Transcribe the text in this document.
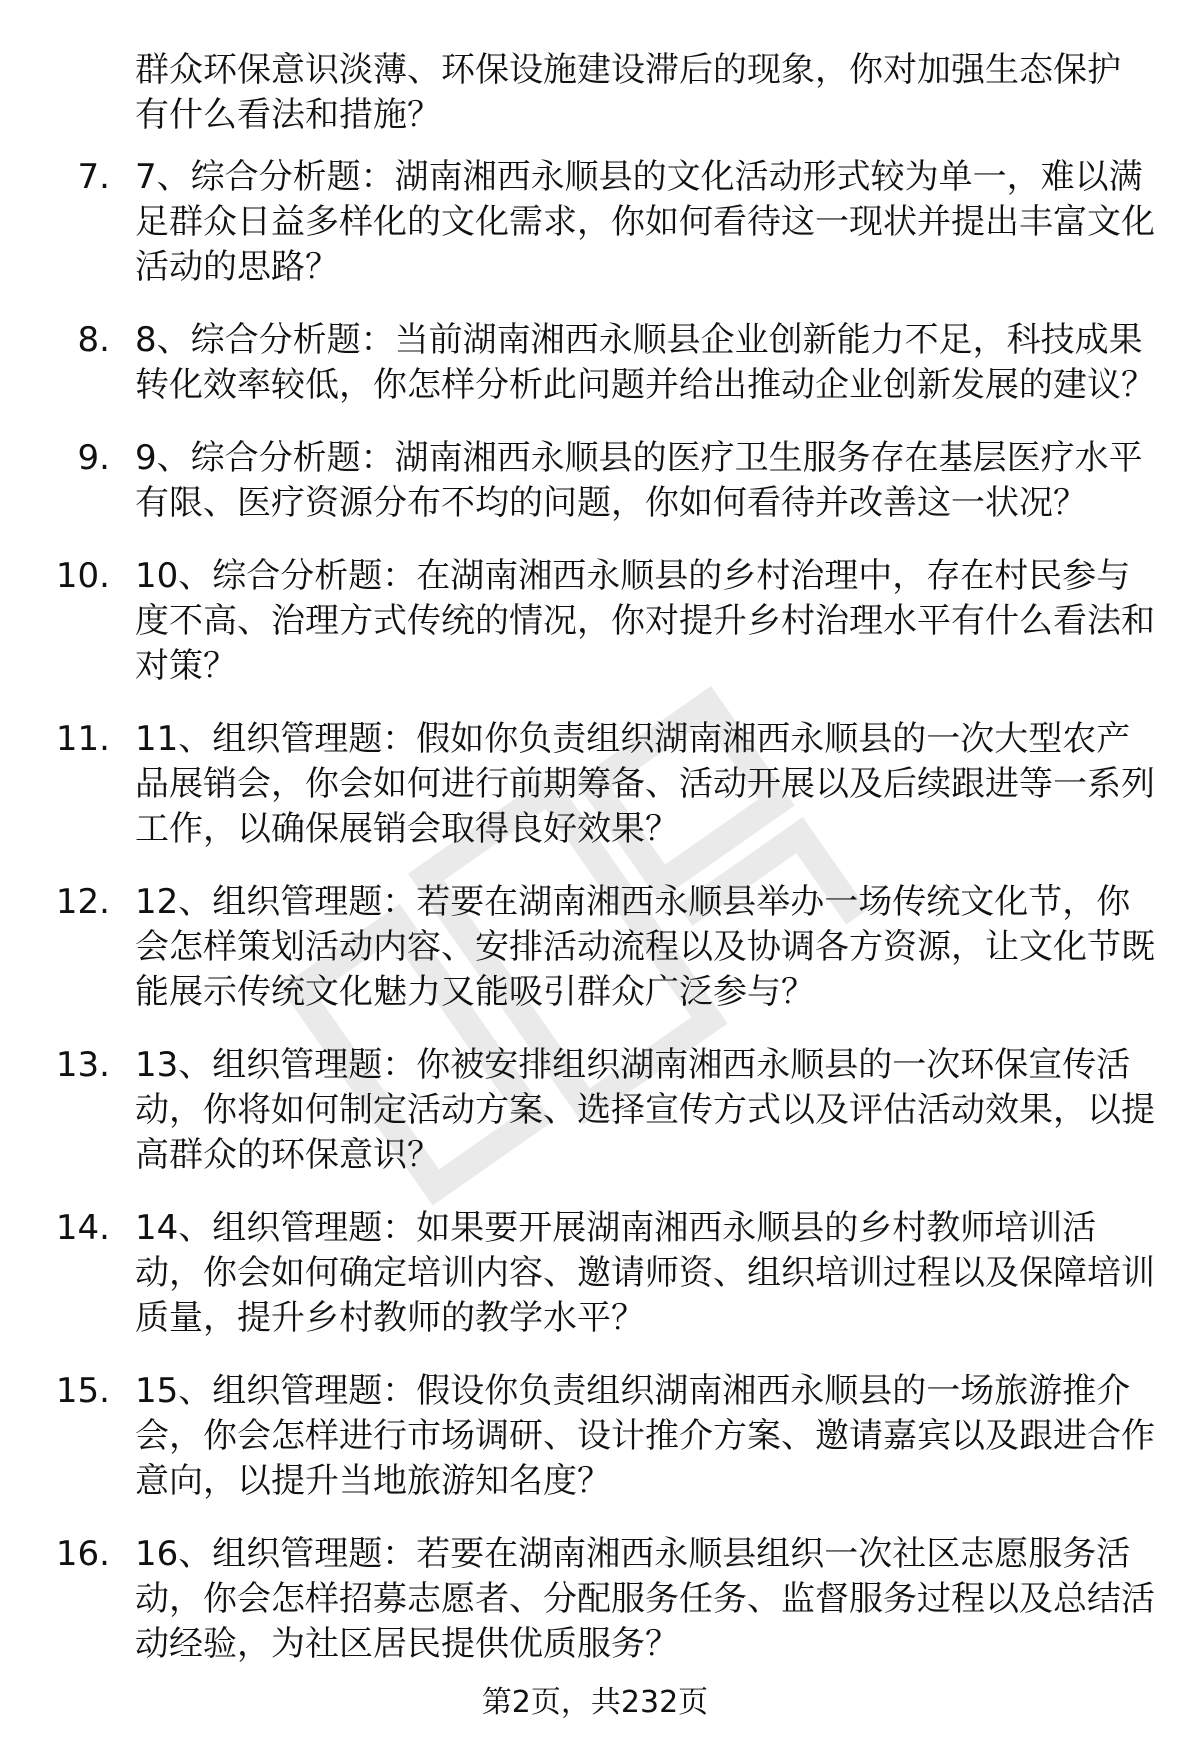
群众环保意识淡薄、环保设施建设滞后的现象，你对加强生态保护有什么看法和措施？

7. 7、综合分析题：湖南湘西永顺县的文化活动形式较为单一，难以满足群众日益多样化的文化需求，你如何看待这一现状并提出丰富文化活动的思路？
8. 8、综合分析题：当前湖南湘西永顺县企业创新能力不足，科技成果转化效率较低，你怎样分析此问题并给出推动企业创新发展的建议？
9. 9、综合分析题：湖南湘西永顺县的医疗卫生服务存在基层医疗水平有限、医疗资源分布不均的问题，你如何看待并改善这一状况？
10. 10、综合分析题：在湖南湘西永顺县的乡村治理中，存在村民参与度不高、治理方式传统的情况，你对提升乡村治理水平有什么看法和对策？
11. 11、组织管理题：假如你负责组织湖南湘西永顺县的一次大型农产品展销会，你会如何进行前期筹备、活动开展以及后续跟进等一系列工作，以确保展销会取得良好效果？
12. 12、组织管理题：若要在湖南湘西永顺县举办一场传统文化节，你会怎样策划活动内容、安排活动流程以及协调各方资源，让文化节既能展示传统文化魅力又能吸引群众广泛参与？
13. 13、组织管理题：你被安排组织湖南湘西永顺县的一次环保宣传活动，你将如何制定活动方案、选择宣传方式以及评估活动效果，以提高群众的环保意识？
14. 14、组织管理题：如果要开展湖南湘西永顺县的乡村教师培训活动，你会如何确定培训内容、邀请师资、组织培训过程以及保障培训质量，提升乡村教师的教学水平？
15. 15、组织管理题：假设你负责组织湖南湘西永顺县的一场旅游推介会，你会怎样进行市场调研、设计推介方案、邀请嘉宾以及跟进合作意向，以提升当地旅游知名度？
16. 16、组织管理题：若要在湖南湘西永顺县组织一次社区志愿服务活动，你会怎样招募志愿者、分配服务任务、监督服务过程以及总结活动经验，为社区居民提供优质服务？
第2页，共232页
